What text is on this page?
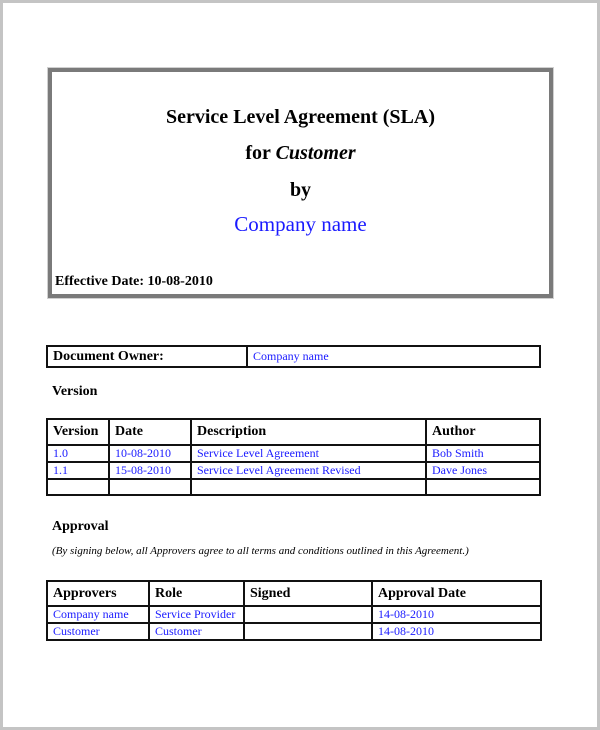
Service Level Agreement (SLA)
for Customer
by
Company name
Effective Date: 10-08-2010
Document Owner:	Company name
Version
Version	Date	Description	Author
1.0	10-08-2010	Service Level Agreement	Bob Smith
1.1	15-08-2010	Service Level Agreement Revised	Dave Jones

Approval
(By signing below, all Approvers agree to all terms and conditions outlined in this Agreement.)
Approvers	Role	Signed	Approval Date
Company name	Service Provider		14-08-2010
Customer	Customer		14-08-2010
